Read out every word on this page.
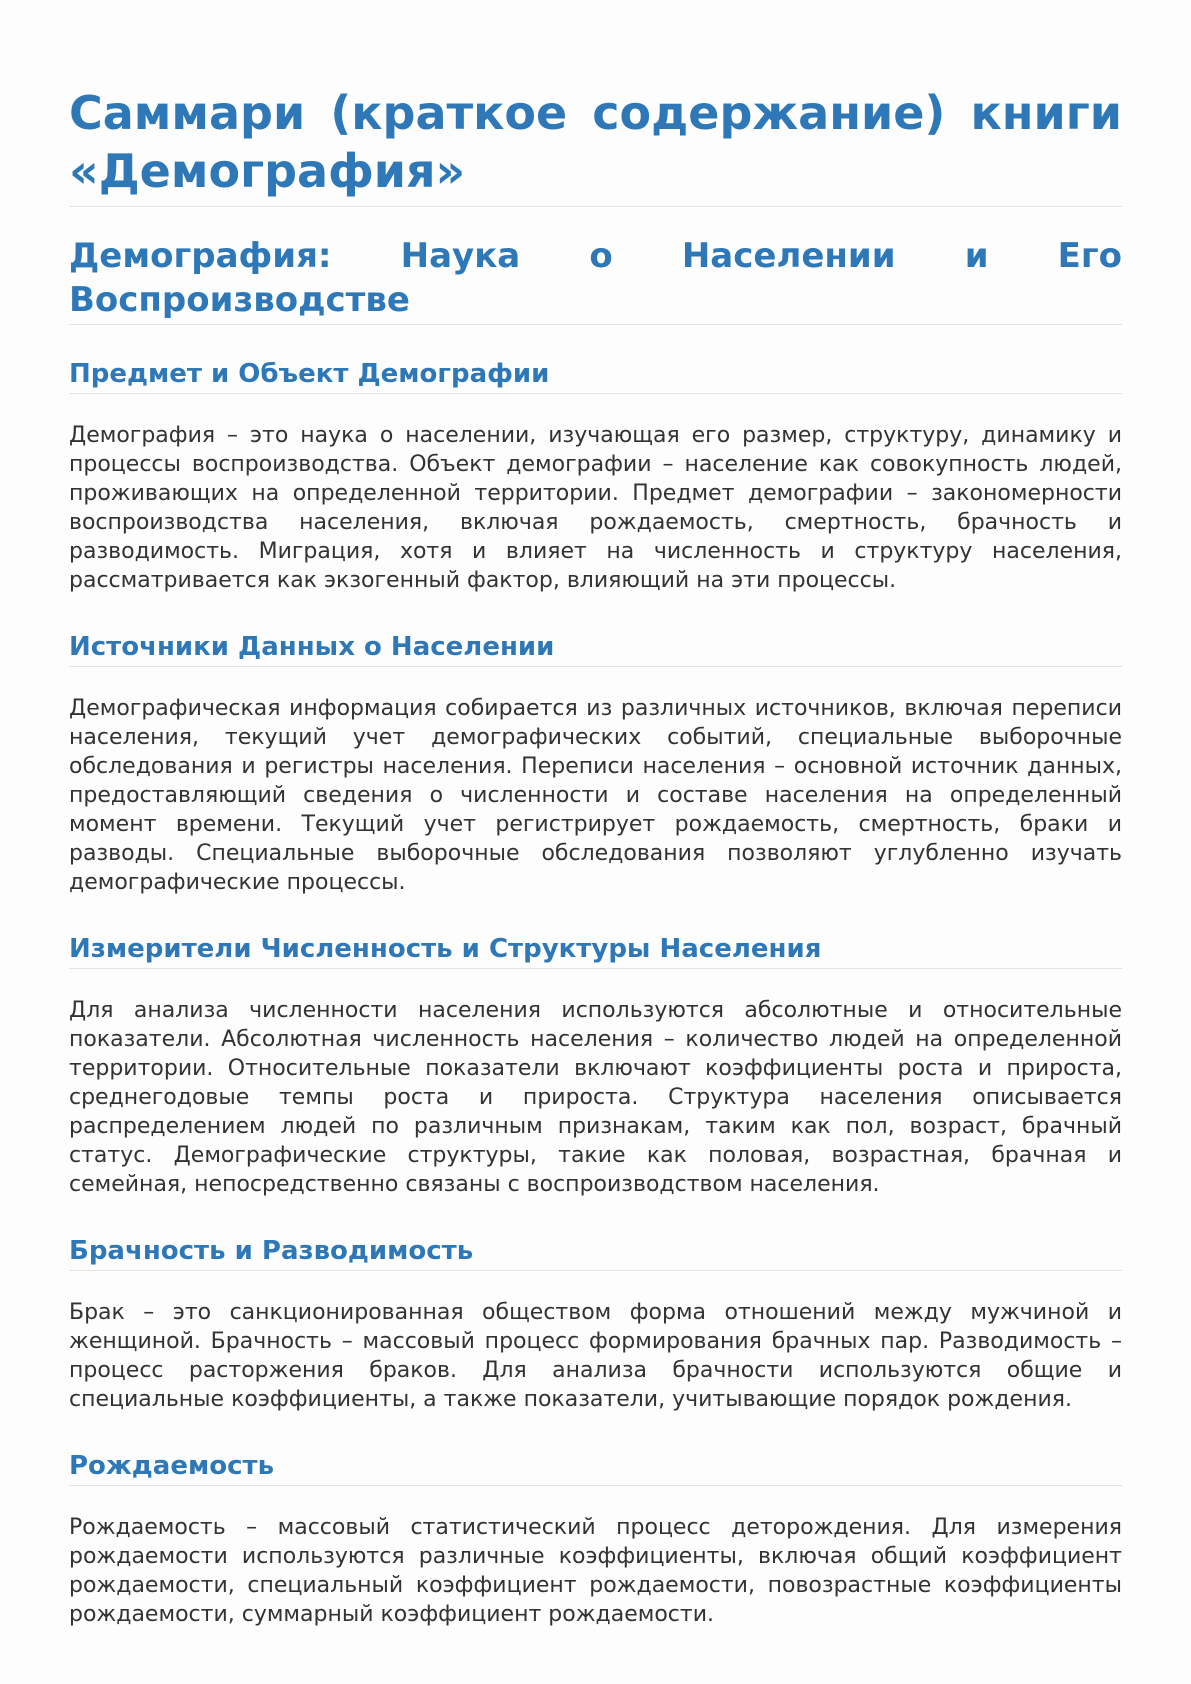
Саммари (краткое содержание) книги «Демография»
Демография: Наука о Населении и Его Воспроизводстве
Предмет и Объект Демографии

Демография – это наука о населении, изучающая его размер, структуру, динамику и процессы воспроизводства. Объект демографии – население как совокупность людей, проживающих на определенной территории. Предмет демографии – закономерности воспроизводства населения, включая рождаемость, смертность, брачность и разводимость. Миграция, хотя и влияет на численность и структуру населения, рассматривается как экзогенный фактор, влияющий на эти процессы.

Источники Данных о Населении

Демографическая информация собирается из различных источников, включая переписи населения, текущий учет демографических событий, специальные выборочные обследования и регистры населения. Переписи населения – основной источник данных, предоставляющий сведения о численности и составе населения на определенный момент времени. Текущий учет регистрирует рождаемость, смертность, браки и разводы. Специальные выборочные обследования позволяют углубленно изучать демографические процессы.

Измерители Численность и Структуры Населения

Для анализа численности населения используются абсолютные и относительные показатели. Абсолютная численность населения – количество людей на определенной территории. Относительные показатели включают коэффициенты роста и прироста, среднегодовые темпы роста и прироста. Структура населения описывается распределением людей по различным признакам, таким как пол, возраст, брачный статус. Демографические структуры, такие как половая, возрастная, брачная и семейная, непосредственно связаны с воспроизводством населения.

Брачность и Разводимость

Брак – это санкционированная обществом форма отношений между мужчиной и женщиной. Брачность – массовый процесс формирования брачных пар. Разводимость – процесс расторжения браков. Для анализа брачности используются общие и специальные коэффициенты, а также показатели, учитывающие порядок рождения.

Рождаемость

Рождаемость – массовый статистический процесс деторождения. Для измерения рождаемости используются различные коэффициенты, включая общий коэффициент рождаемости, специальный коэффициент рождаемости, повозрастные коэффициенты рождаемости, суммарный коэффициент рождаемости.
